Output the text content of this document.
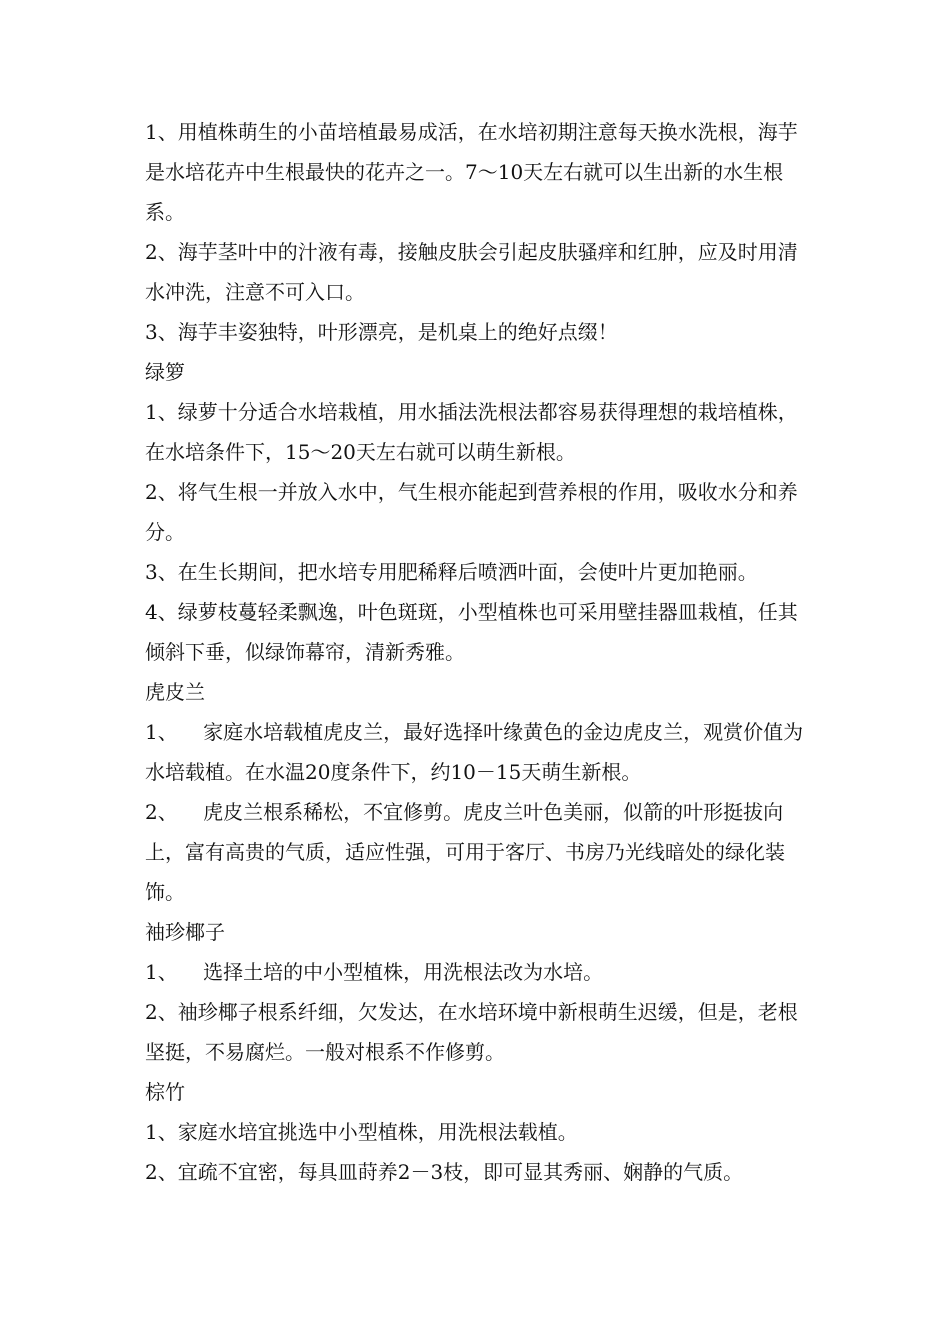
1、用植株萌生的小苗培植最易成活，在水培初期注意每天换水洗根，海芋是水培花卉中生根最快的花卉之一。7～10天左右就可以生出新的水生根系。

2、海芋茎叶中的汁液有毒，接触皮肤会引起皮肤骚痒和红肿，应及时用清水冲洗，注意不可入口。

3、海芋丰姿独特，叶形漂亮，是机桌上的绝好点缀！

绿箩

1、绿萝十分适合水培栽植，用水插法洗根法都容易获得理想的栽培植株，在水培条件下，15～20天左右就可以萌生新根。

2、将气生根一并放入水中，气生根亦能起到营养根的作用，吸收水分和养分。

3、在生长期间，把水培专用肥稀释后喷洒叶面，会使叶片更加艳丽。

4、绿萝枝蔓轻柔飘逸，叶色斑斑，小型植株也可采用壁挂器皿栽植，任其倾斜下垂，似绿饰幕帘，清新秀雅。

虎皮兰

1、    家庭水培载植虎皮兰，最好选择叶缘黄色的金边虎皮兰，观赏价值为水培载植。在水温20度条件下，约10－15天萌生新根。

2、    虎皮兰根系稀松，不宜修剪。虎皮兰叶色美丽，似箭的叶形挺拔向上，富有高贵的气质，适应性强，可用于客厅、书房乃光线暗处的绿化装饰。

袖珍椰子

1、    选择土培的中小型植株，用洗根法改为水培。

2、袖珍椰子根系纤细，欠发达，在水培环境中新根萌生迟缓，但是，老根坚挺，不易腐烂。一般对根系不作修剪。

棕竹

1、家庭水培宜挑选中小型植株，用洗根法载植。

2、宜疏不宜密，每具皿莳养2－3枝，即可显其秀丽、娴静的气质。
